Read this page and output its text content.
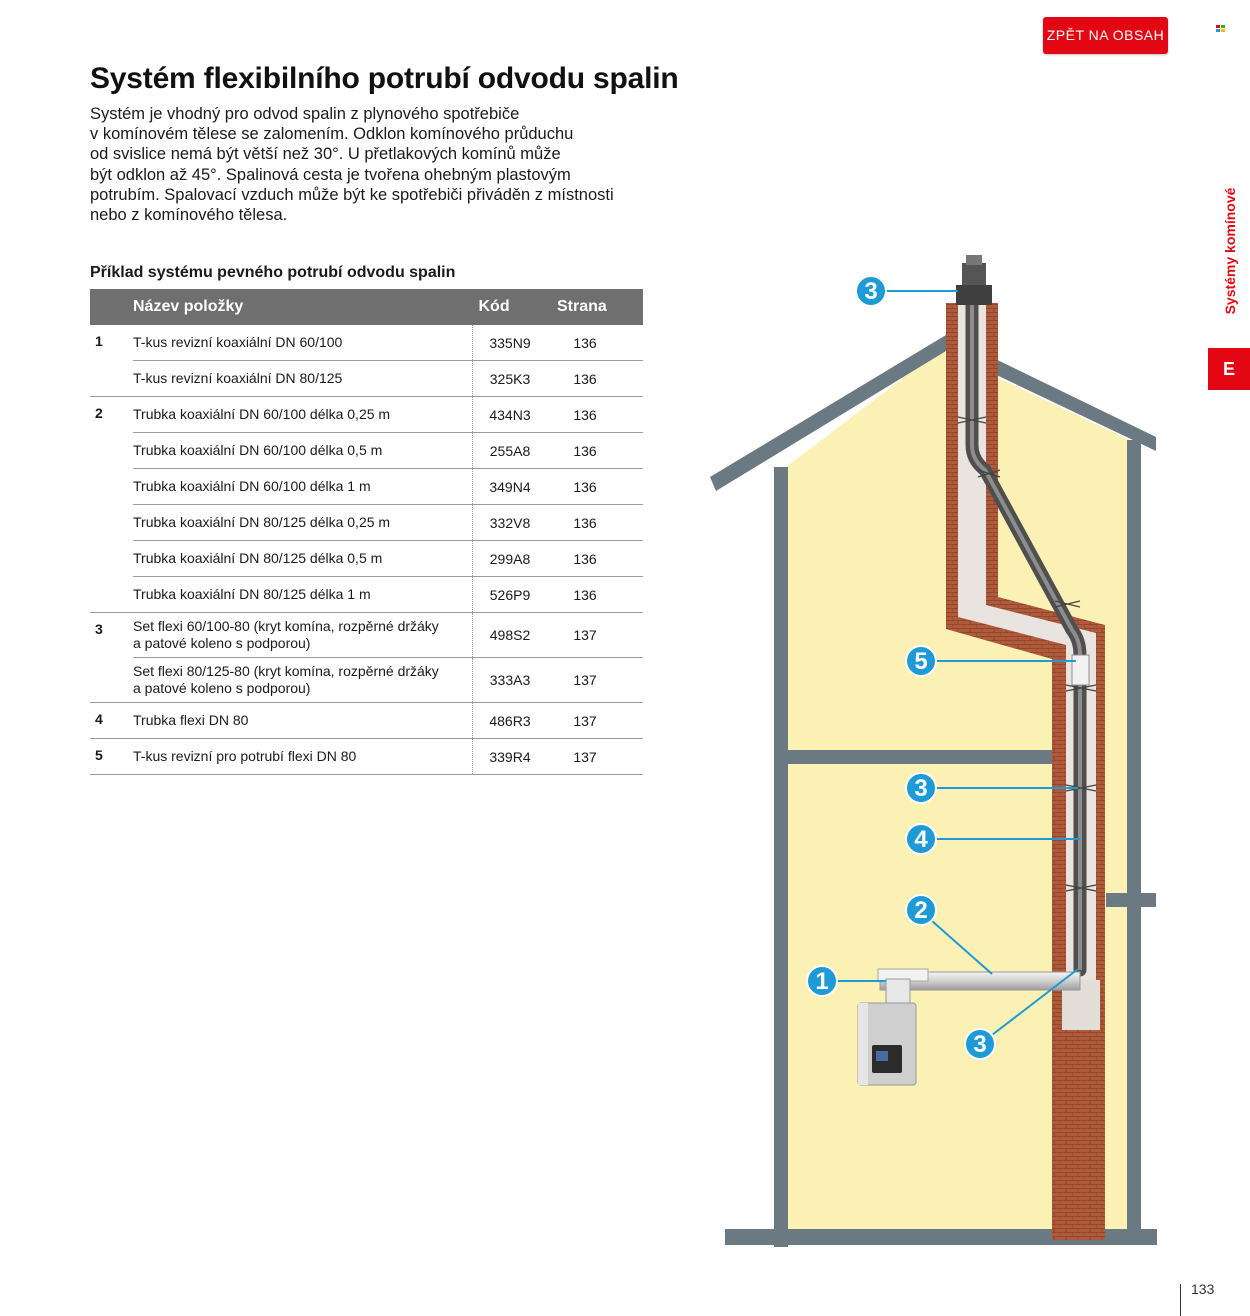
ZPĚT NA OBSAH
Systém flexibilního potrubí odvodu spalin

Systém je vhodný pro odvod spalin z plynového spotřebiče
v komínovém tělese se zalomením. Odklon komínového průduchu
od svislice nemá být větší než 30°. U přetlakových komínů může
být odklon až 45°. Spalinová cesta je tvořena ohebným plastovým
potrubím. Spalovací vzduch může být ke spotřebiči přiváděn z místnosti
nebo z komínového tělesa.

Příklad systému pevného potrubí odvodu spalin
	Název položky	Kód	Strana
1	T-kus revizní koaxiální DN 60/100	335N9	136
	T-kus revizní koaxiální DN 80/125	325K3	136
2	Trubka koaxiální DN 60/100 délka 0,25 m	434N3	136
	Trubka koaxiální DN 60/100 délka 0,5 m	255A8	136
	Trubka koaxiální DN 60/100 délka 1 m	349N4	136
	Trubka koaxiální DN 80/125 délka 0,25 m	332V8	136
	Trubka koaxiální DN 80/125 délka 0,5 m	299A8	136
	Trubka koaxiální DN 80/125 délka 1 m	526P9	136
3	Set flexi 60/100-80 (kryt komína, rozpěrné držáky
a patové koleno s podporou)	498S2	137
	Set flexi 80/125-80 (kryt komína, rozpěrné držáky
a patové koleno s podporou)	333A3	137
4	Trubka flexi DN 80	486R3	137
5	T-kus revizní pro potrubí flexi DN 80	339R4	137
Systémy komínové
E
3
5
3
4
2
1
3
133
